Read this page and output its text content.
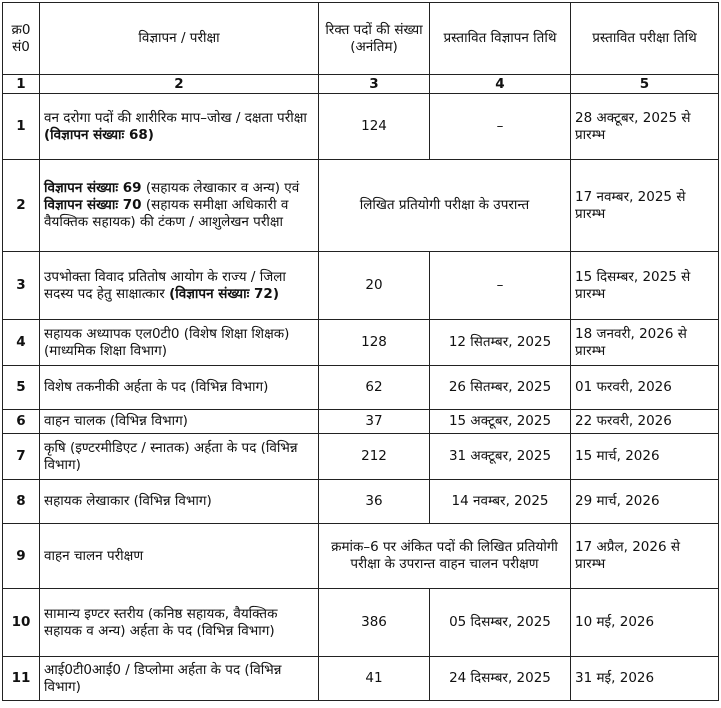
क्र0 सं0	विज्ञापन / परीक्षा	रिक्त पदों की संख्या (अनंतिम)	प्रस्तावित विज्ञापन तिथि	प्रस्तावित परीक्षा तिथि
1	2	3	4	5
1	वन दरोगा पदों की शारीरिक माप–जोख / दक्षता परीक्षा (विज्ञापन संख्याः 68)	124	–	28 अक्टूबर, 2025 से प्रारम्भ
2	विज्ञापन संख्याः 69 (सहायक लेखाकार व अन्य) एवं विज्ञापन संख्याः 70 (सहायक समीक्षा अधिकारी व वैयक्तिक सहायक) की टंकण / आशुलेखन परीक्षा	लिखित प्रतियोगी परीक्षा के उपरान्त		17 नवम्बर, 2025 से प्रारम्भ
3	उपभोक्ता विवाद प्रतितोष आयोग के राज्य / जिला सदस्य पद हेतु साक्षात्कार (विज्ञापन संख्याः 72)	20	–	15 दिसम्बर, 2025 से प्रारम्भ
4	सहायक अध्यापक एल0टी0 (विशेष शिक्षा शिक्षक) (माध्यमिक शिक्षा विभाग)	128	12 सितम्बर, 2025	18 जनवरी, 2026 से प्रारम्भ
5	विशेष तकनीकी अर्हता के पद (विभिन्न विभाग)	62	26 सितम्बर, 2025	01 फरवरी, 2026
6	वाहन चालक (विभिन्न विभाग)	37	15 अक्टूबर, 2025	22 फरवरी, 2026
7	कृषि (इण्टरमीडिएट / स्नातक) अर्हता के पद (विभिन्न विभाग)	212	31 अक्टूबर, 2025	15 मार्च, 2026
8	सहायक लेखाकार (विभिन्न विभाग)	36	14 नवम्बर, 2025	29 मार्च, 2026
9	वाहन चालन परीक्षण	क्रमांक–6 पर अंकित पदों की लिखित प्रतियोगी परीक्षा के उपरान्त वाहन चालन परीक्षण		17 अप्रैल, 2026 से प्रारम्भ
10	सामान्य इण्टर स्तरीय (कनिष्ठ सहायक, वैयक्तिक सहायक व अन्य) अर्हता के पद (विभिन्न विभाग)	386	05 दिसम्बर, 2025	10 मई, 2026
11	आई0टी0आई0 / डिप्लोमा अर्हता के पद (विभिन्न विभाग)	41	24 दिसम्बर, 2025	31 मई, 2026
